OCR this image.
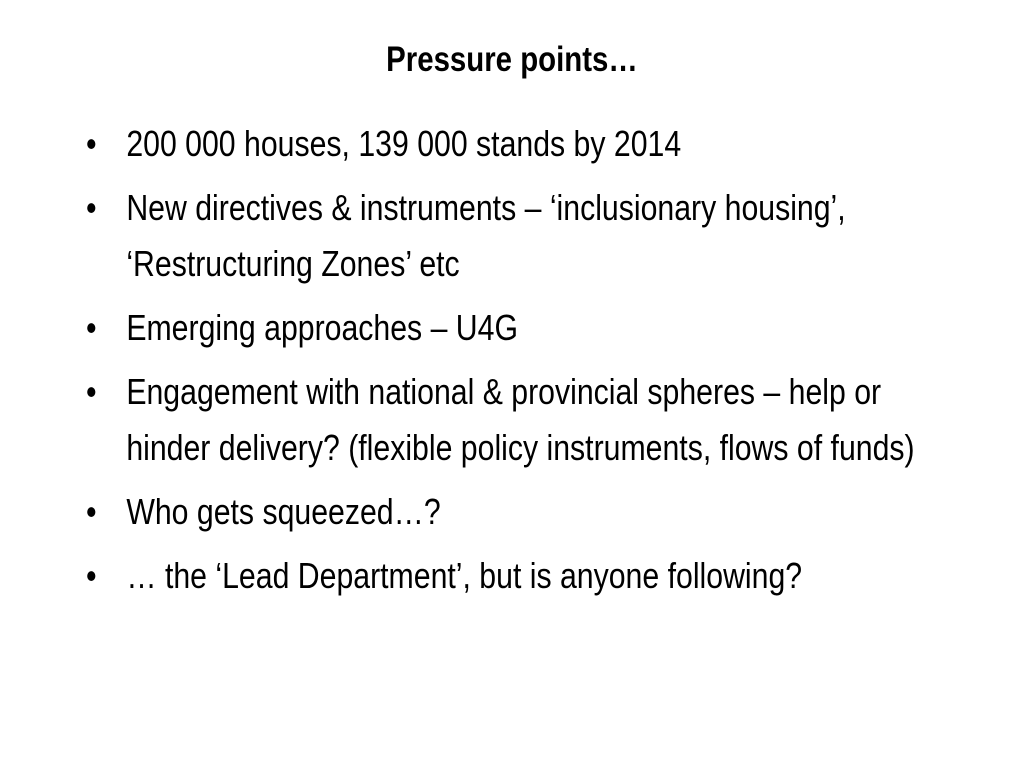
Pressure points…
• 200 000 houses, 139 000 stands by 2014
• New directives & instruments – ‘inclusionary housing’, ‘Restructuring Zones’ etc
• Emerging approaches – U4G
• Engagement with national & provincial spheres – help or hinder delivery? (flexible policy instruments, flows of funds)
• Who gets squeezed…?
• … the ‘Lead Department’, but is anyone following?
